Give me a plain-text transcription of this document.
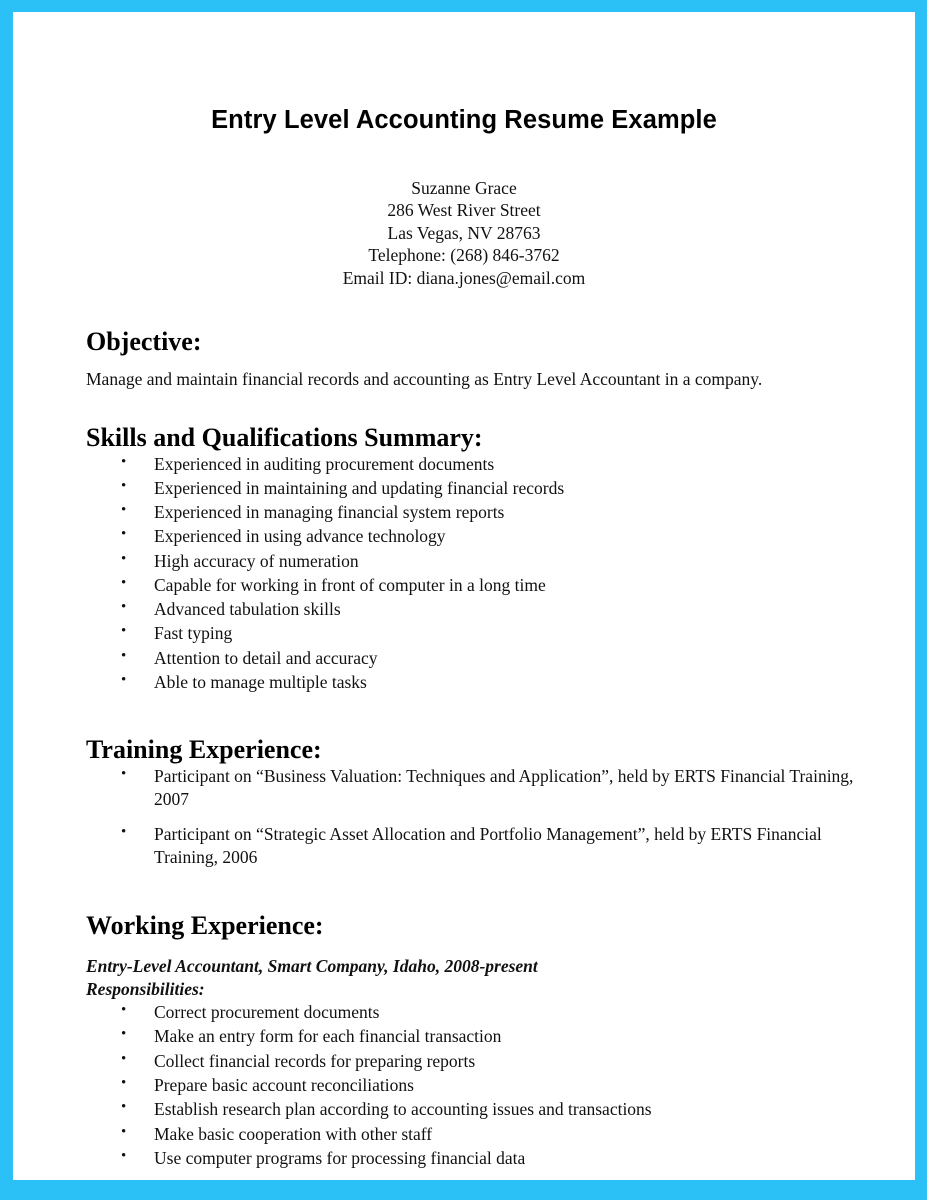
Entry Level Accounting Resume Example
Suzanne Grace
286 West River Street
Las Vegas, NV 28763
Telephone: (268) 846-3762
Email ID: diana.jones@email.com
Objective:

Manage and maintain financial records and accounting as Entry Level Accountant in a company.

Skills and Qualifications Summary:
• Experienced in auditing procurement documents
• Experienced in maintaining and updating financial records
• Experienced in managing financial system reports
• Experienced in using advance technology
• High accuracy of numeration
• Capable for working in front of computer in a long time
• Advanced tabulation skills
• Fast typing
• Attention to detail and accuracy
• Able to manage multiple tasks
Training Experience:
• Participant on “Business Valuation: Techniques and Application”, held by ERTS Financial Training, 2007
• Participant on “Strategic Asset Allocation and Portfolio Management”, held by ERTS Financial Training, 2006
Working Experience:
Entry-Level Accountant, Smart Company, Idaho, 2008-present
Responsibilities:
• Correct procurement documents
• Make an entry form for each financial transaction
• Collect financial records for preparing reports
• Prepare basic account reconciliations
• Establish research plan according to accounting issues and transactions
• Make basic cooperation with other staff
• Use computer programs for processing financial data
